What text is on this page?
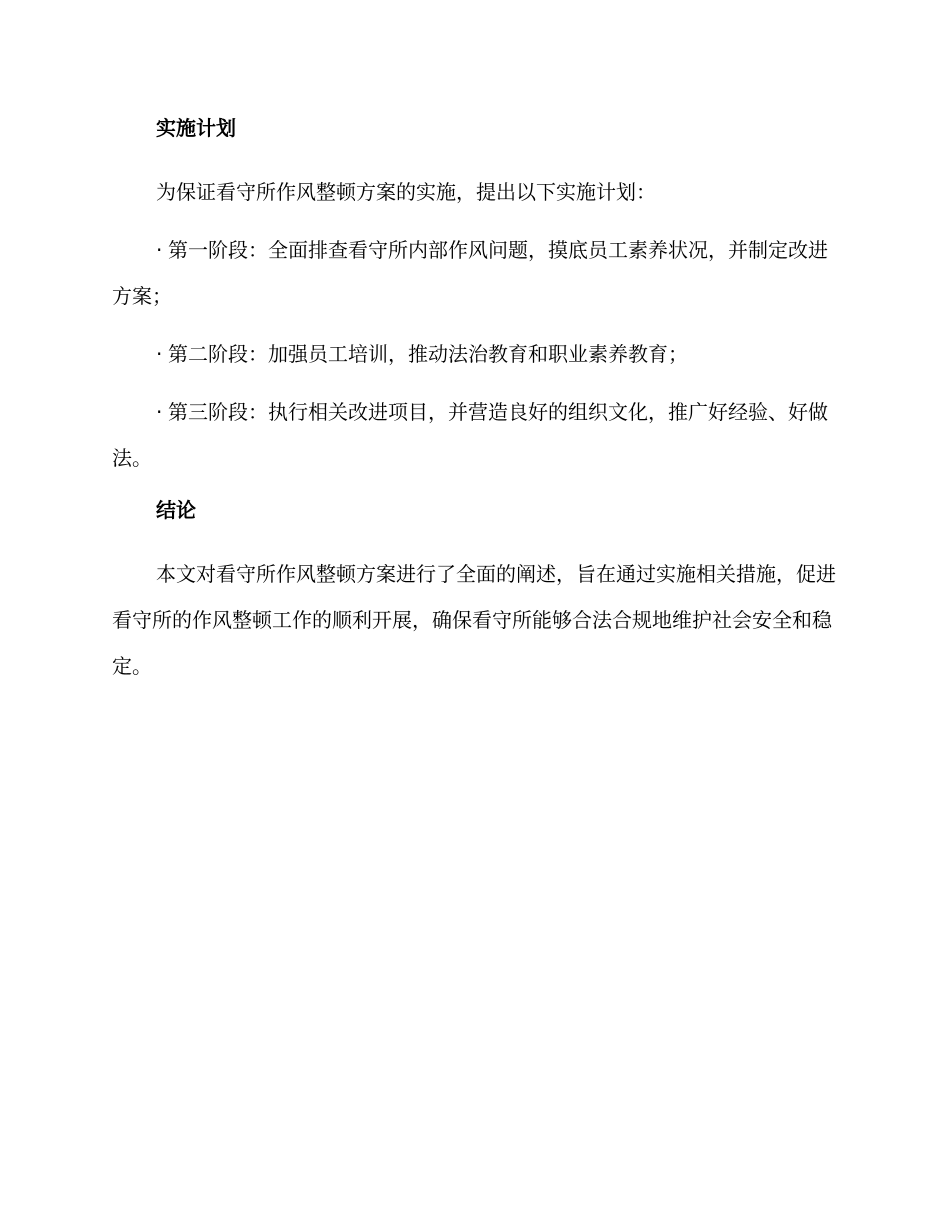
实施计划

为保证看守所作风整顿方案的实施，提出以下实施计划：

· 第一阶段：全面排查看守所内部作风问题，摸底员工素养状况，并制定改进方案；

· 第二阶段：加强员工培训，推动法治教育和职业素养教育；

· 第三阶段：执行相关改进项目，并营造良好的组织文化，推广好经验、好做法。

结论

本文对看守所作风整顿方案进行了全面的阐述，旨在通过实施相关措施，促进看守所的作风整顿工作的顺利开展，确保看守所能够合法合规地维护社会安全和稳定。
